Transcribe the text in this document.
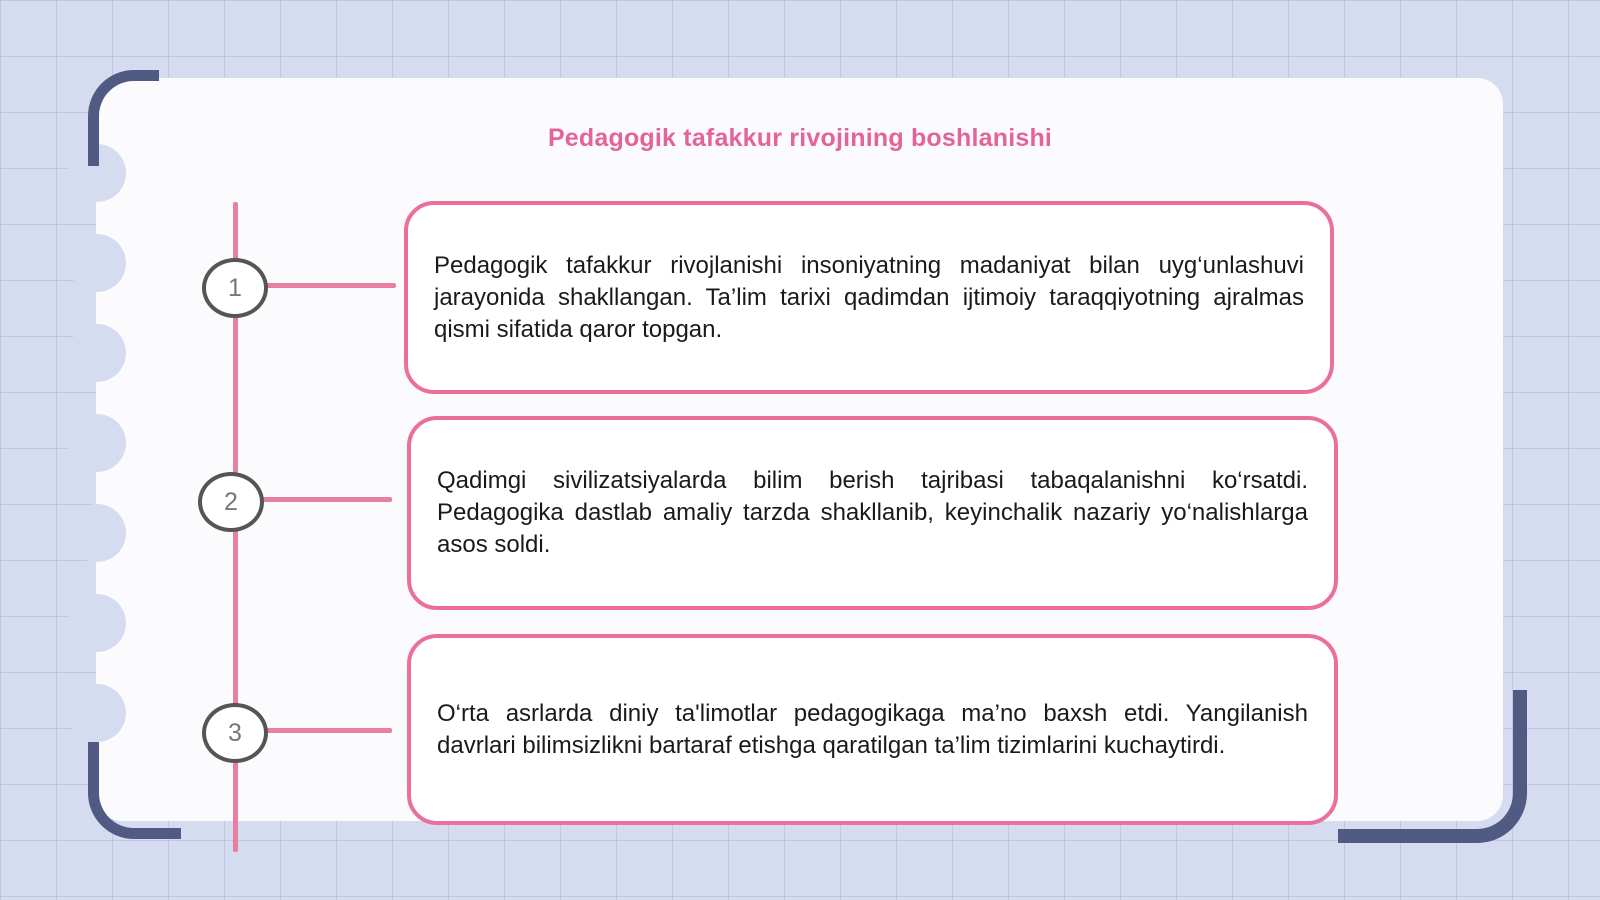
Pedagogik tafakkur rivojining boshlanishi
1

Pedagogik tafakkur rivojlanishi insoniyatning madaniyat bilan uyg‘unlashuvi jarayonida shakllangan. Ta’lim tarixi qadimdan ijtimoiy taraqqiyotning ajralmas qismi sifatida qaror topgan.

2

Qadimgi sivilizatsiyalarda bilim berish tajribasi tabaqalanishni ko‘rsatdi. Pedagogika dastlab amaliy tarzda shakllanib, keyinchalik nazariy yo‘nalishlarga asos soldi.

3

O‘rta asrlarda diniy ta'limotlar pedagogikaga ma’no baxsh etdi. Yangilanish davrlari bilimsizlikni bartaraf etishga qaratilgan ta’lim tizimlarini kuchaytirdi.
